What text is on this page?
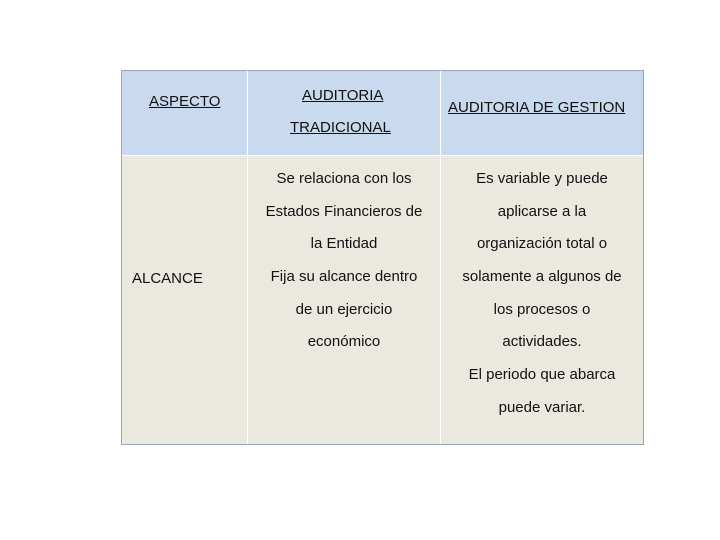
ASPECTO	AUDITORIA
TRADICIONAL
AUDITORIA DE GESTION
ALCANCE
Se relaciona con los
Estados Financieros de
la Entidad
Fija su alcance dentro
de un ejercicio
económico
Es variable y puede
aplicarse a la
organización total o
solamente a algunos de
los procesos o
actividades.
El periodo que abarca
puede variar.
